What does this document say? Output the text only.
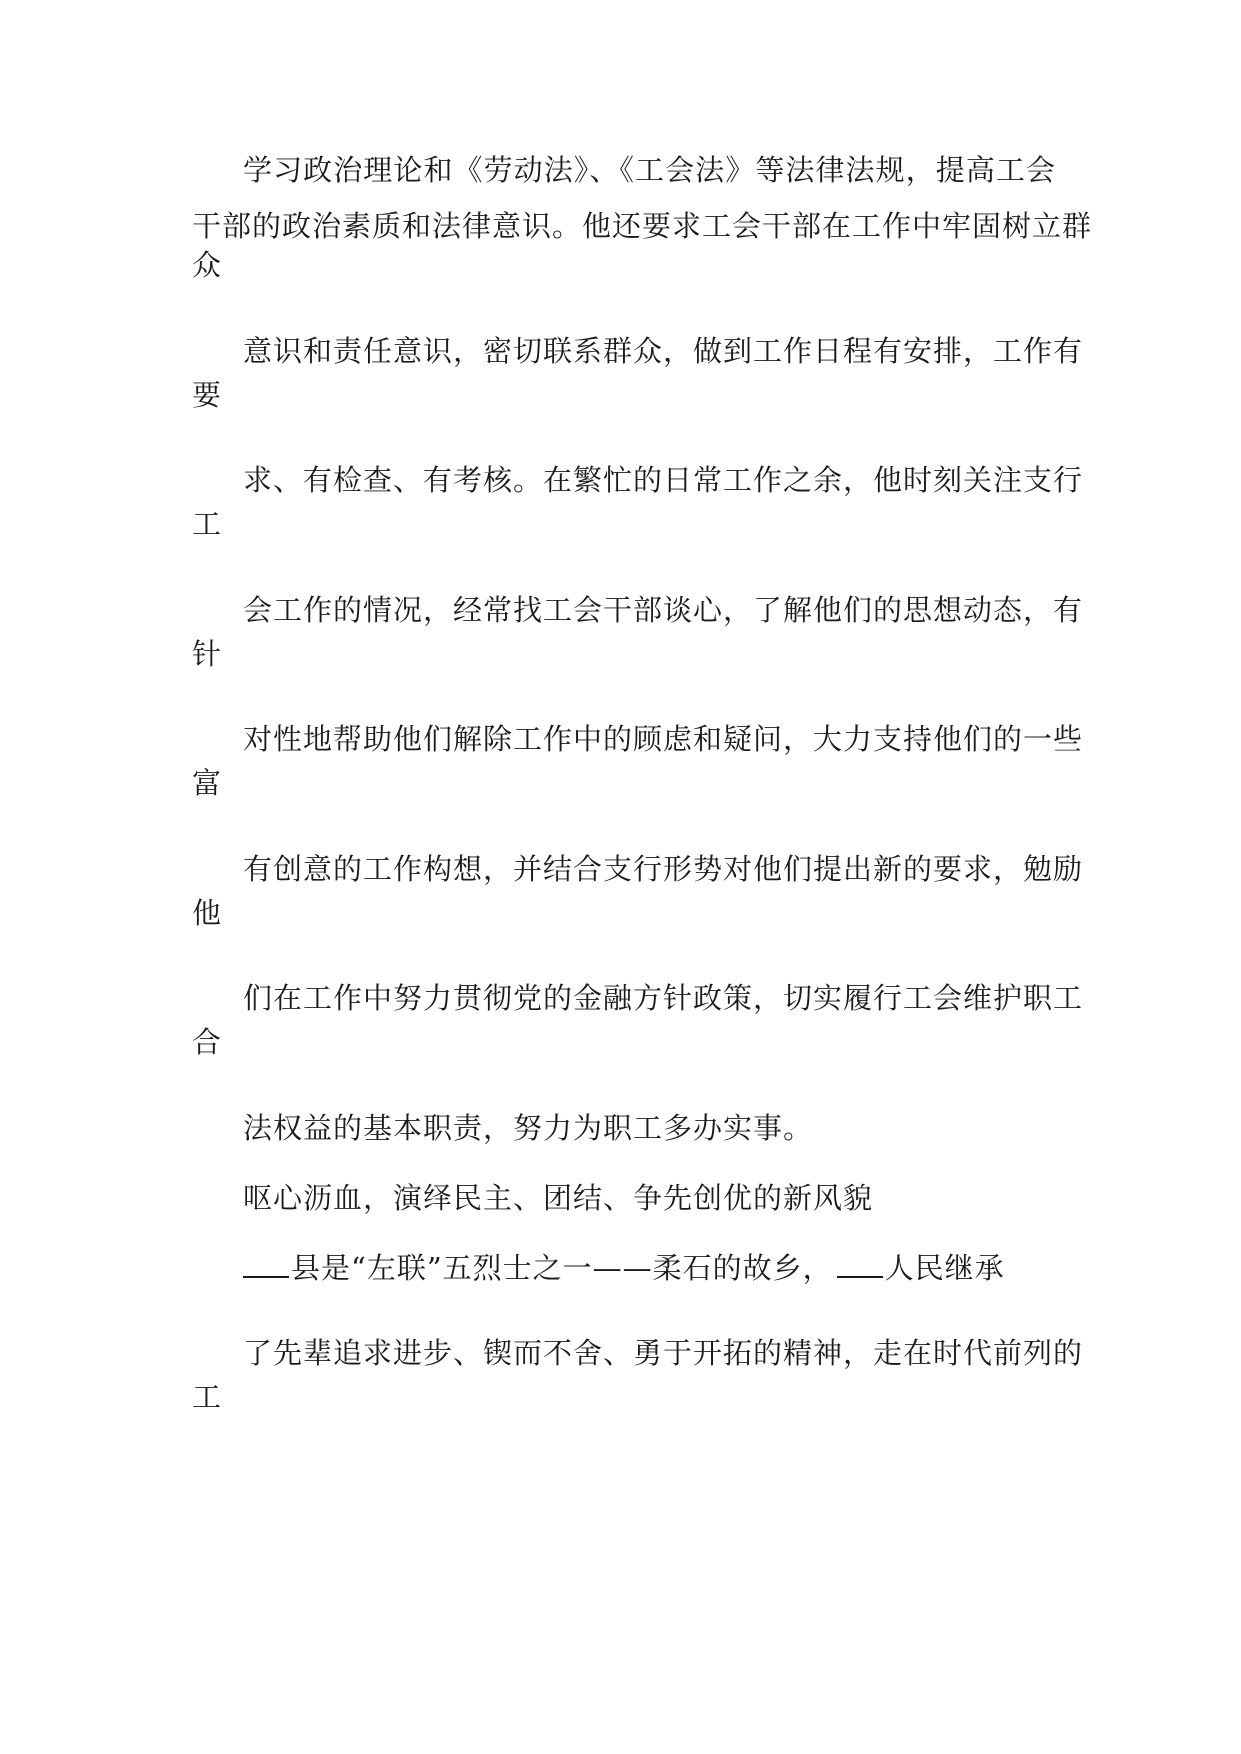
学习政治理论和《劳动法》、《工会法》等法律法规，提高工会
干部的政治素质和法律意识。他还要求工会干部在工作中牢固树立群
众
意识和责任意识，密切联系群众，做到工作日程有安排，工作有
要
求、有检查、有考核。在繁忙的日常工作之余，他时刻关注支行
工
会工作的情况，经常找工会干部谈心，了解他们的思想动态，有
针
对性地帮助他们解除工作中的顾虑和疑问，大力支持他们的一些
富
有创意的工作构想，并结合支行形势对他们提出新的要求，勉励
他
们在工作中努力贯彻党的金融方针政策，切实履行工会维护职工
合
法权益的基本职责，努力为职工多办实事。
呕心沥血，演绎民主、团结、争先创优的新风貌
县是“左联”五烈士之一——柔石的故乡， 人民继承
了先辈追求进步、锲而不舍、勇于开拓的精神，走在时代前列的
工
